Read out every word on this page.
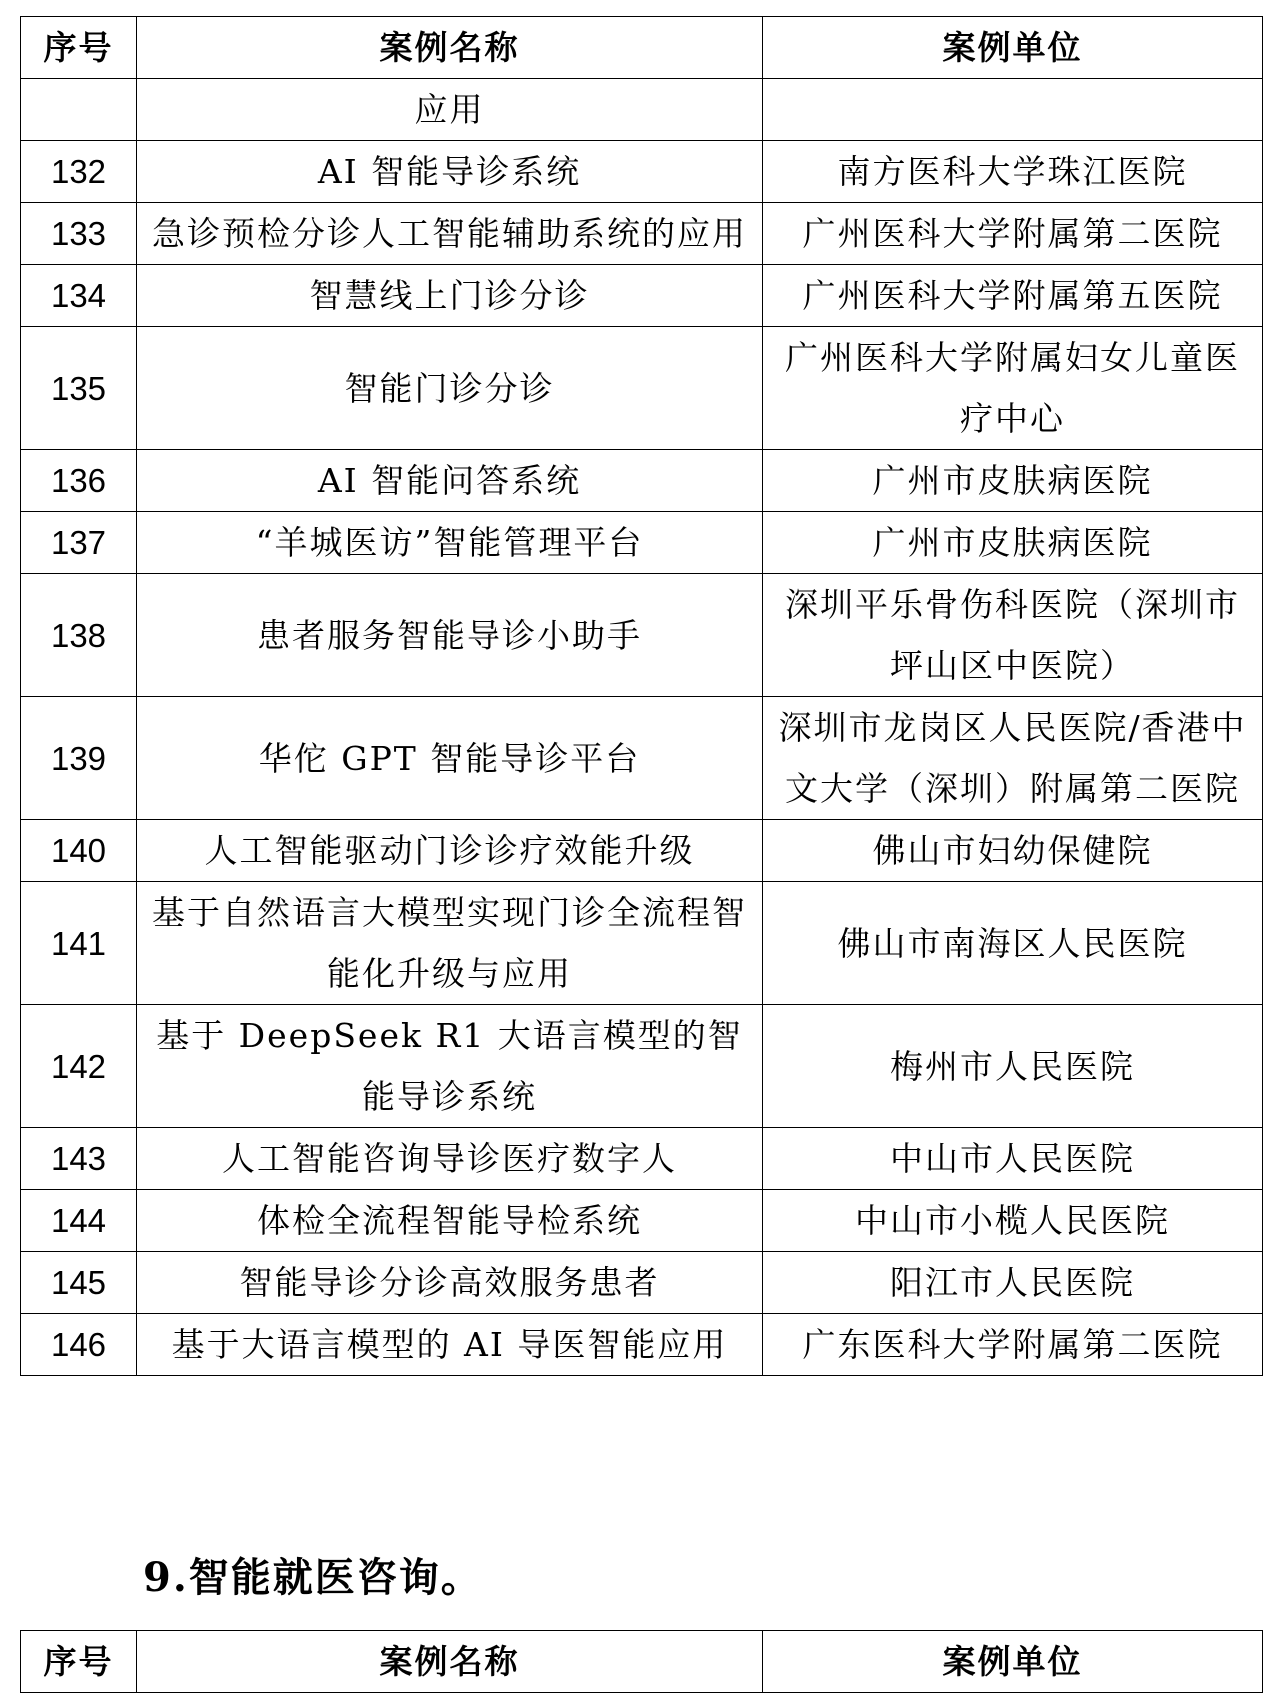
序号	案例名称	案例单位
	应用	
132	AI 智能导诊系统	南方医科大学珠江医院
133	急诊预检分诊人工智能辅助系统的应用	广州医科大学附属第二医院
134	智慧线上门诊分诊	广州医科大学附属第五医院
135	智能门诊分诊	广州医科大学附属妇女儿童医疗中心
136	AI 智能问答系统	广州市皮肤病医院
137	“羊城医访”智能管理平台	广州市皮肤病医院
138	患者服务智能导诊小助手	深圳平乐骨伤科医院（深圳市坪山区中医院）
139	华佗 GPT 智能导诊平台	深圳市龙岗区人民医院/香港中文大学（深圳）附属第二医院
140	人工智能驱动门诊诊疗效能升级	佛山市妇幼保健院
141	基于自然语言大模型实现门诊全流程智能化升级与应用	佛山市南海区人民医院
142	基于 DeepSeek R1 大语言模型的智能导诊系统	梅州市人民医院
143	人工智能咨询导诊医疗数字人	中山市人民医院
144	体检全流程智能导检系统	中山市小榄人民医院
145	智能导诊分诊高效服务患者	阳江市人民医院
146	基于大语言模型的 AI 导医智能应用	广东医科大学附属第二医院
9.智能就医咨询。
序号	案例名称	案例单位
